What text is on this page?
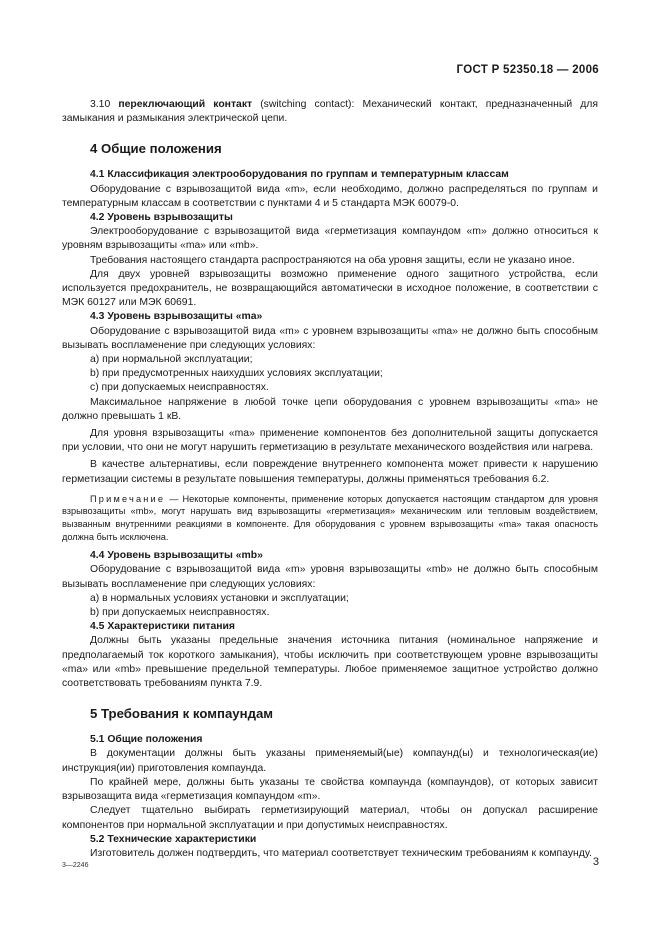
ГОСТ Р 52350.18 — 2006

3.10 переключающий контакт (switching contact): Механический контакт, предназначенный для замыкания и размыкания электрической цепи.

4 Общие положения

4.1 Классификация электрооборудования по группам и температурным классам

Оборудование с взрывозащитой вида «m», если необходимо, должно распределяться по группам и температурным классам в соответствии с пунктами 4 и 5 стандарта МЭК 60079-0.

4.2 Уровень взрывозащиты

Электрооборудование с взрывозащитой вида «герметизация компаундом «m» должно относиться к уровням взрывозащиты «ma» или «mb».

Требования настоящего стандарта распространяются на оба уровня защиты, если не указано иное.

Для двух уровней взрывозащиты возможно применение одного защитного устройства, если используется предохранитель, не возвращающийся автоматически в исходное положение, в соответствии с МЭК 60127 или МЭК 60691.

4.3 Уровень взрывозащиты «ma»

Оборудование с взрывозащитой вида «m» с уровнем взрывозащиты «ma» не должно быть способным вызывать воспламенение при следующих условиях:

а) при нормальной эксплуатации;

b) при предусмотренных наихудших условиях эксплуатации;

с) при допускаемых неисправностях.

Максимальное напряжение в любой точке цепи оборудования с уровнем взрывозащиты «ma» не должно превышать 1 кВ.

Для уровня взрывозащиты «ma» применение компонентов без дополнительной защиты допускается при условии, что они не могут нарушить герметизацию в результате механического воздействия или нагрева.

В качестве альтернативы, если повреждение внутреннего компонента может привести к нарушению герметизации системы в результате повышения температуры, должны применяться требования 6.2.

Примечание — Некоторые компоненты, применение которых допускается настоящим стандартом для уровня взрывозащиты «mb», могут нарушать вид взрывозащиты «герметизация» механическим или тепловым воздействием, вызванным внутренними реакциями в компоненте. Для оборудования с уровнем взрывозащиты «ma» такая опасность должна быть исключена.

4.4 Уровень взрывозащиты «mb»

Оборудование с взрывозащитой вида «m» уровня взрывозащиты «mb» не должно быть способным вызывать воспламенение при следующих условиях:

а) в нормальных условиях установки и эксплуатации;

b) при допускаемых неисправностях.

4.5 Характеристики питания

Должны быть указаны предельные значения источника питания (номинальное напряжение и предполагаемый ток короткого замыкания), чтобы исключить при соответствующем уровне взрывозащиты «ma» или «mb» превышение предельной температуры. Любое применяемое защитное устройство должно соответствовать требованиям пункта 7.9.

5 Требования к компаундам

5.1 Общие положения

В документации должны быть указаны применяемый(ые) компаунд(ы) и технологическая(ие) инструкция(ии) приготовления компаунда.

По крайней мере, должны быть указаны те свойства компаунда (компаундов), от которых зависит взрывозащита вида «герметизация компаундом «m».

Следует тщательно выбирать герметизирующий материал, чтобы он допускал расширение компонентов при нормальной эксплуатации и при допустимых неисправностях.

5.2 Технические характеристики

Изготовитель должен подтвердить, что материал соответствует техническим требованиям к компаунду.

3—2246	3
